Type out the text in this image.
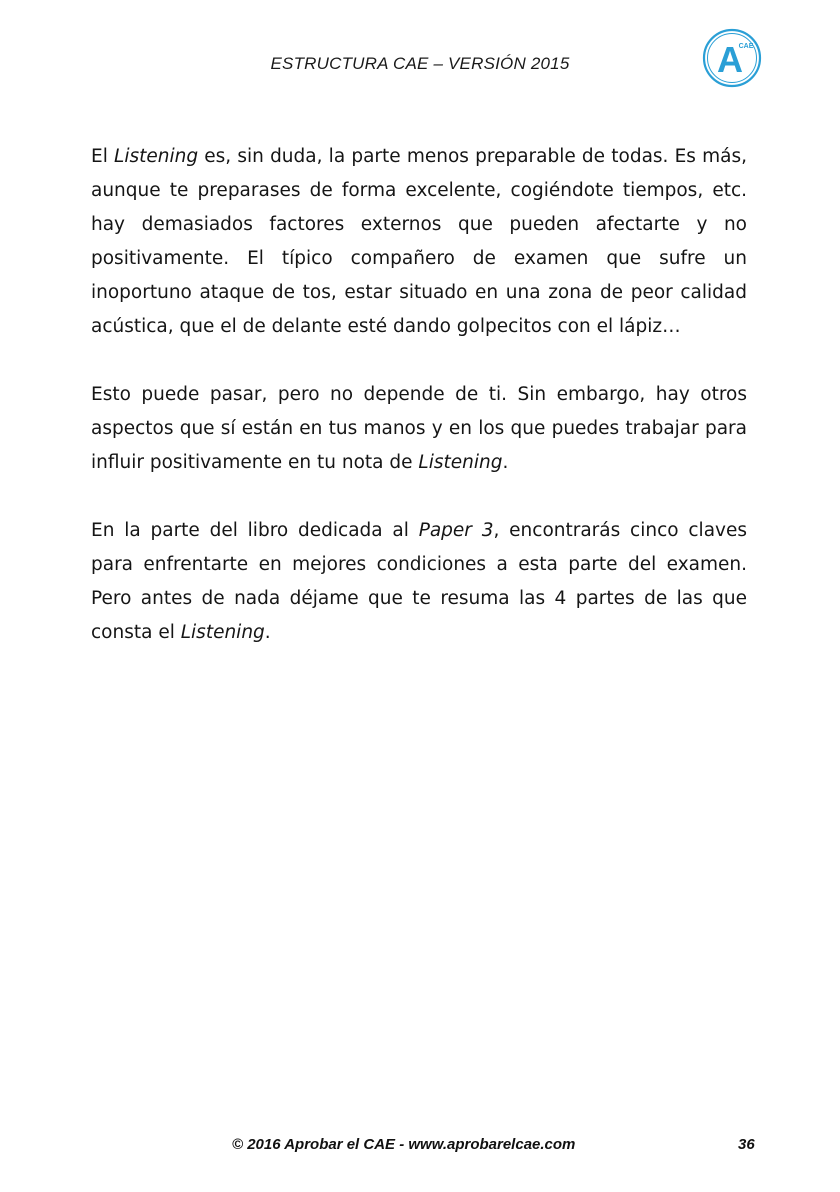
ESTRUCTURA CAE – VERSIÓN 2015	A
CAE

El Listening es, sin duda, la parte menos preparable de todas. Es más, aunque te preparases de forma excelente, cogiéndote tiempos, etc. hay demasiados factores externos que pueden afectarte y no positivamente. El típico compañero de examen que sufre un inoportuno ataque de tos, estar situado en una zona de peor calidad acústica, que el de delante esté dando golpecitos con el lápiz…

Esto puede pasar, pero no depende de ti. Sin embargo, hay otros aspectos que sí están en tus manos y en los que puedes trabajar para influir positivamente en tu nota de Listening.

En la parte del libro dedicada al Paper 3, encontrarás cinco claves para enfrentarte en mejores condiciones a esta parte del examen. Pero antes de nada déjame que te resuma las 4 partes de las que consta el Listening.

© 2016 Aprobar el CAE - www.aprobarelcae.com	36
